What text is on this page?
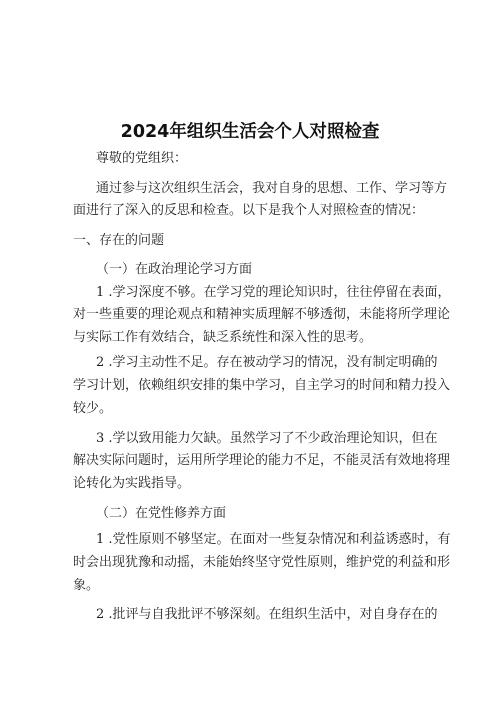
2024年组织生活会个人对照检查
尊敬的党组织：
通过参与这次组织生活会，我对自身的思想、工作、学习等方
面进行了深入的反思和检查。以下是我个人对照检查的情况：
一、存在的问题
（一）在政治理论学习方面
1 .学习深度不够。在学习党的理论知识时，往往停留在表面，
对一些重要的理论观点和精神实质理解不够透彻，未能将所学理论
与实际工作有效结合，缺乏系统性和深入性的思考。
2 .学习主动性不足。存在被动学习的情况，没有制定明确的
学习计划，依赖组织安排的集中学习，自主学习的时间和精力投入
较少。
3 .学以致用能力欠缺。虽然学习了不少政治理论知识，但在
解决实际问题时，运用所学理论的能力不足，不能灵活有效地将理
论转化为实践指导。
（二）在党性修养方面
1 .党性原则不够坚定。在面对一些复杂情况和利益诱惑时，有
时会出现犹豫和动摇，未能始终坚守党性原则，维护党的利益和形
象。
2 .批评与自我批评不够深刻。在组织生活中，对自身存在的
